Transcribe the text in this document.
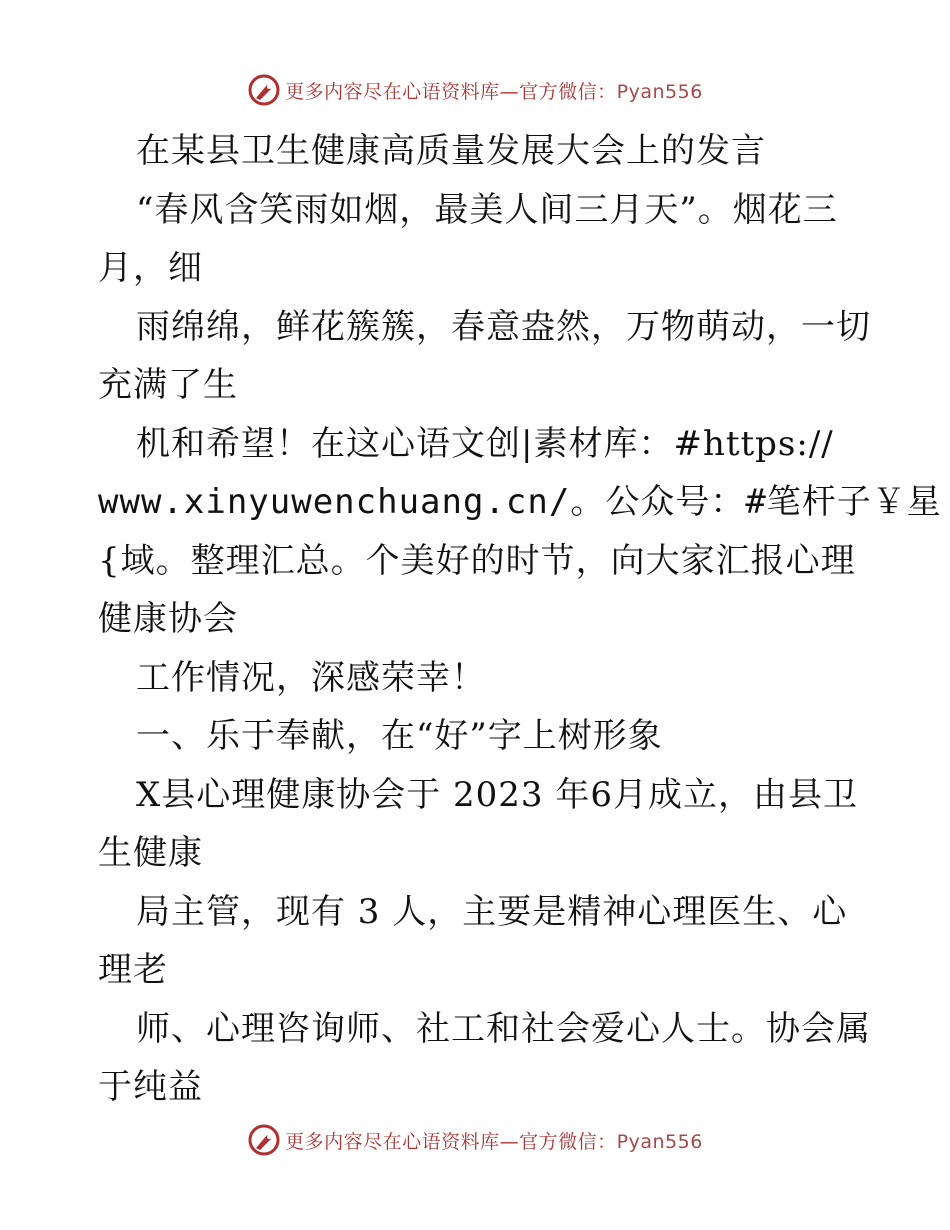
更多内容尽在心语资料库—官方微信：Pyan556
在某县卫生健康高质量发展大会上的发言
“春风含笑雨如烟，最美人间三月天”。烟花三
月，细
雨绵绵，鲜花簇簇，春意盎然，万物萌动，一切
充满了生
机和希望！在这心语文创|素材库：#https://
www.xinyuwenchuang.cn/。公众号：#笔杆子￥星
{域。整理汇总。个美好的时节，向大家汇报心理
健康协会
工作情况，深感荣幸！
一、乐于奉献，在“好”字上树形象
X县心理健康协会于 2023 年6月成立，由县卫
生健康
局主管，现有 3 人，主要是精神心理医生、心
理老
师、心理咨询师、社工和社会爱心人士。协会属
于纯益
更多内容尽在心语资料库—官方微信：Pyan556
